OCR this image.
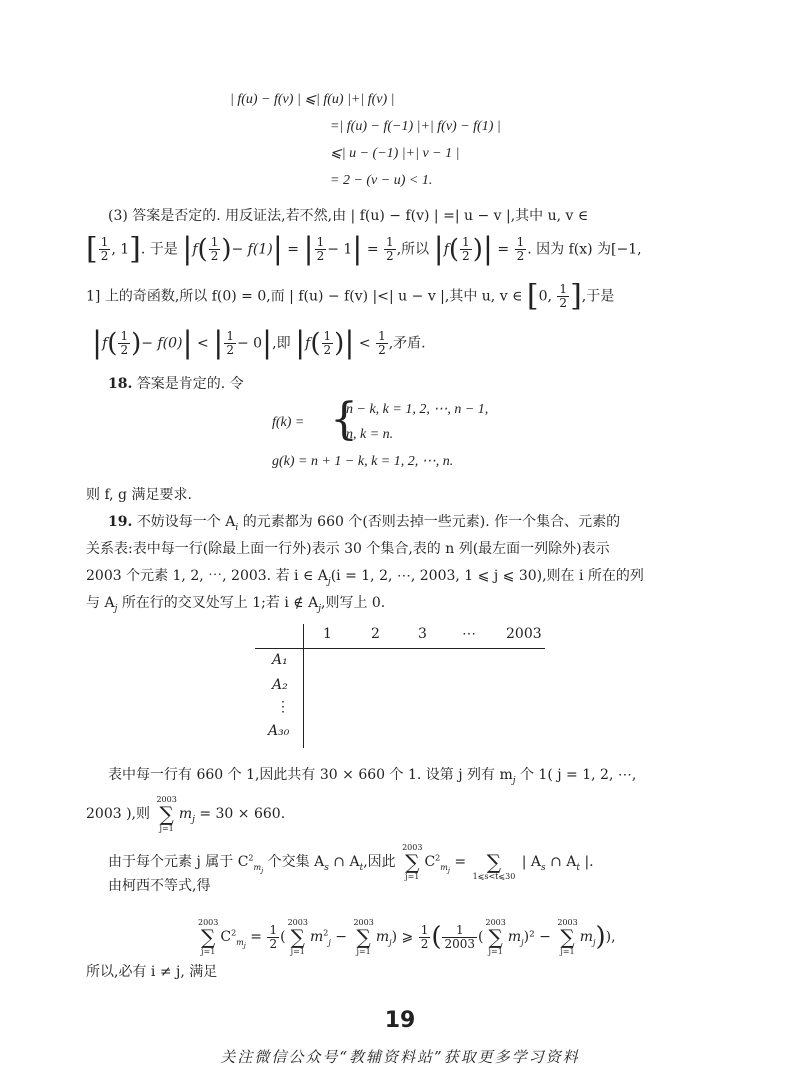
| f(u) − f(v) | ⩽| f(u) |+| f(v) |
=| f(u) − f(−1) |+| f(v) − f(1) |
⩽| u − (−1) |+| v − 1 |
= 2 − (v − u) < 1.
(3) 答案是否定的. 用反证法,若不然,由 | f(u) − f(v) | =| u − v |,其中 u, v ∈
[ $\frac{1}{2}$ , 1]. 于是 $|f( \frac{1}{2}$ )− f(1)| = | $\frac{1}{2} - 1| = \frac{1}{2}$ ,所以 $|f( \frac{1}{2}$ )| = $\frac{1}{2}$ . 因为 f(x) 为[−1,
1] 上的奇函数,所以 f(0) = 0,而 | f(u) − f(v) |<| u − v |,其中 u, v ∈ [0, $\frac{1}{2}$ ],于是
$|f( \frac{1}{2}$ )− f(0)| < | $\frac{1}{2} - 0|$,即 $|f( \frac{1}{2}$ )| < $\frac{1}{2}$ ,矛盾.
18. 答案是肯定的. 令
{
f(k) =
n − k, k = 1, 2, ⋯, n − 1,
n, k = n.
g(k) = n + 1 − k, k = 1, 2, ⋯, n.
则 f, g 满足要求.
19. 不妨设每一个 $A_i$ 的元素都为 660 个(否则去掉一些元素). 作一个集合、元素的
关系表:表中每一行(除最上面一行外)表示 30 个集合,表的 n 列(最左面一列除外)表示
2003 个元素 1, 2, ⋯, 2003. 若 i ∈ $A_j(i = 1$, 2, ⋯, 2003, 1 ⩽ j ⩽ 30),则在 i 所在的列
与 $A_j$ 所在行的交叉处写上 1;若 i ∉ $A_j$,则写上 0.
1	2	3	⋯ 2003
A₁
A₂
⋮
A₃₀
表中每一行有 660 个 1,因此共有 30 × 660 个 1. 设第 j 列有 $m_j$ 个 1( j = 1, 2, ⋯,
2003 ),则
2003
∑
j=1
$m_j = 30 \times 660$.
由于每个元素 j 属于 $C^2_{m_j}$ 个交集 $A_s$ ∩ $A_t$,因此
2003
∑
j=1
$C^2_{m_j}$ =
	∑
1⩽s<t⩽30
| $A_s$ ∩ $A_t$ |.
由柯西不等式,得
2003
∑
j=1
$C^2_{m_j} = \frac{1}{2}$ (
2003
∑
j=1
$m^2_j$ −
2003
∑
j=1
$m_j$) ⩾ $\frac{1}{2}$ ( $\frac{1}{2003}$ (
2003
∑
j=1
$m_j)^2$ −
2003
∑
j=1
$m_j$)),
所以,必有 i ≠ j, 满足
19
关注微信公众号“教辅资料站”获取更多学习资料
